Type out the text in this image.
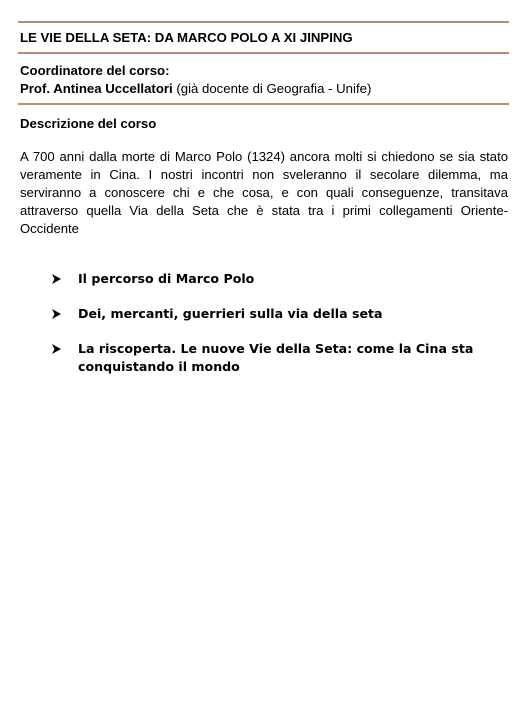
LE VIE DELLA SETA: DA MARCO POLO A XI JINPING
Coordinatore del corso:
Prof. Antinea Uccellatori (già docente di Geografia - Unife)
Descrizione del corso
A 700 anni dalla morte di Marco Polo (1324) ancora molti si chiedono se sia stato veramente in Cina. I nostri incontri non sveleranno il secolare dilemma, ma serviranno a conoscere chi e che cosa, e con quali conseguenze, transitava attraverso quella Via della Seta che è stata tra i primi collegamenti Oriente-Occidente
Il percorso di Marco Polo
Dei, mercanti, guerrieri sulla via della seta
La riscoperta. Le nuove Vie della Seta: come la Cina sta conquistando il mondo
